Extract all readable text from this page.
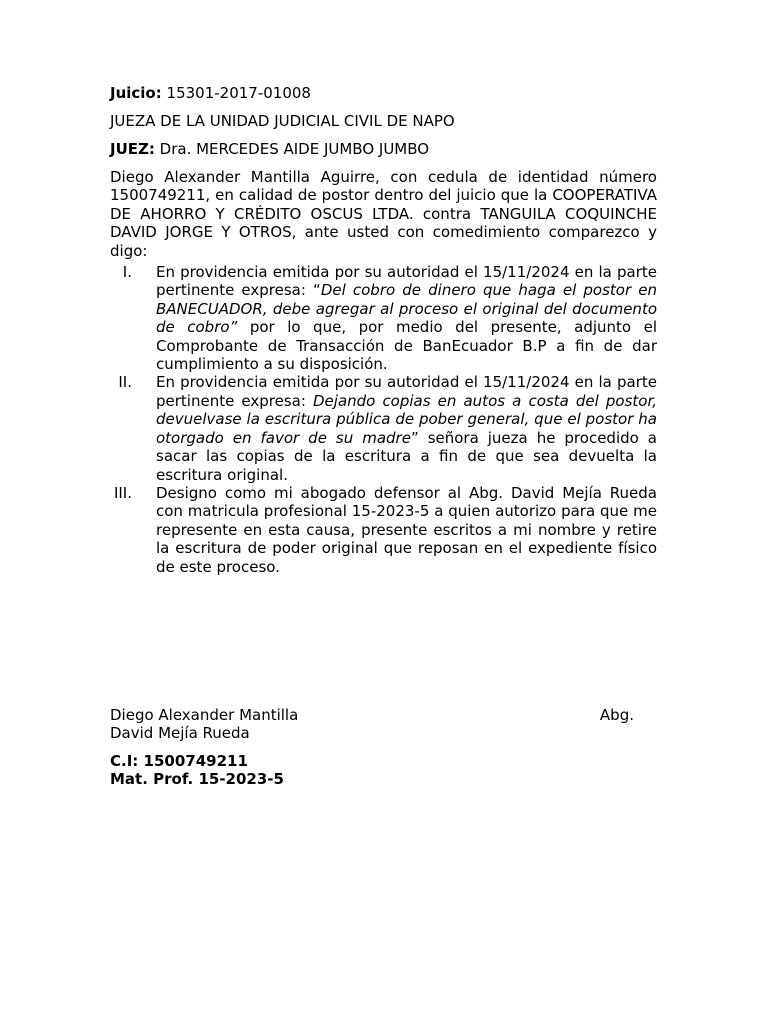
Juicio: 15301-2017-01008
JUEZA DE LA UNIDAD JUDICIAL CIVIL DE NAPO
JUEZ: Dra. MERCEDES AIDE JUMBO JUMBO
Diego Alexander Mantilla Aguirre, con cedula de identidad número 1500749211, en calidad de postor dentro del juicio que la COOPERATIVA DE AHORRO Y CRÉDITO OSCUS LTDA. contra TANGUILA COQUINCHE DAVID JORGE Y OTROS, ante usted con comedimiento comparezco y digo:
I. En providencia emitida por su autoridad el 15/11/2024 en la parte pertinente expresa: “Del cobro de dinero que haga el postor en BANECUADOR, debe agregar al proceso el original del documento de cobro” por lo que, por medio del presente, adjunto el Comprobante de Transacción de BanEcuador B.P a fin de dar cumplimiento a su disposición.
II. En providencia emitida por su autoridad el 15/11/2024 en la parte pertinente expresa: Dejando copias en autos a costa del postor, devuelvase la escritura pública de pober general, que el postor ha otorgado en favor de su madre” señora jueza he procedido a sacar las copias de la escritura a fin de que sea devuelta la escritura original.
III. Designo como mi abogado defensor al Abg. David Mejía Rueda con matricula profesional 15-2023-5 a quien autorizo para que me represente en esta causa, presente escritos a mi nombre y retire la escritura de poder original que reposan en el expediente físico de este proceso.
Diego Alexander Mantilla	Abg.
David Mejía Rueda
C.I: 1500749211
Mat. Prof. 15-2023-5
